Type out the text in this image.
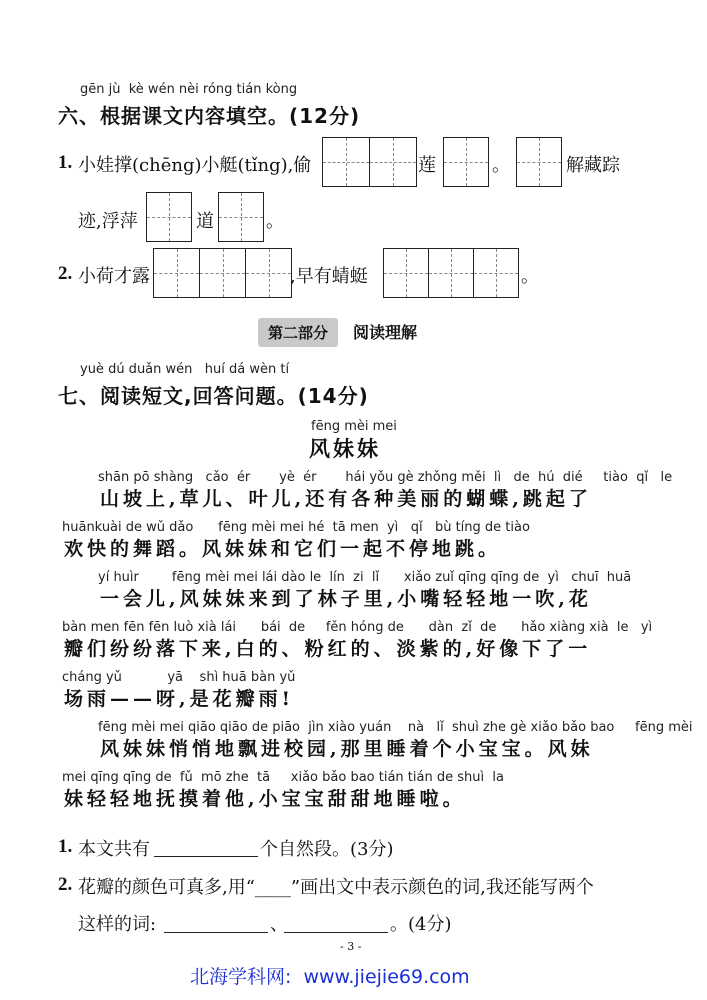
gēn jù  kè wén nèi róng tián kòng
六、根据课文内容填空。(12分)
1. 小娃撑(chēng)小艇(tǐng),偷	莲	。	解藏踪
迹,浮萍	道	。
2. 小荷才露	,早有蜻蜓	。
第二部分	阅读理解
yuè dú duǎn wén   huí dá wèn tí
七、阅读短文,回答问题。(14分)
fēng mèi mei
风妹妹
shān pō shàng   cǎo  ér       yè  ér       hái yǒu gè zhǒng měi  lì   de  hú  dié     tiào  qǐ   le
山坡上,草儿、叶儿,还有各种美丽的蝴蝶,跳起了
huānkuài de wǔ dǎo      fēng mèi mei hé  tā men  yì   qǐ   bù tíng de tiào
欢快的舞蹈。风妹妹和它们一起不停地跳。
yí huìr        fēng mèi mei lái dào le  lín  zi  lǐ      xiǎo zuǐ qīng qīng de  yì   chuī  huā
一会儿,风妹妹来到了林子里,小嘴轻轻地一吹,花
bàn men fēn fēn luò xià lái      bái  de     fěn hóng de      dàn  zǐ  de      hǎo xiàng xià  le   yì
瓣们纷纷落下来,白的、粉红的、淡紫的,好像下了一
cháng yǔ           yā    shì huā bàn yǔ
场雨——呀,是花瓣雨!
fēng mèi mei qiāo qiāo de piāo  jìn xiào yuán    nà   lǐ  shuì zhe gè xiǎo bǎo bao     fēng mèi
风妹妹悄悄地飘进校园,那里睡着个小宝宝。风妹
mei qīng qīng de  fǔ  mō zhe  tā     xiǎo bǎo bao tián tián de shuì  la
妹轻轻地抚摸着他,小宝宝甜甜地睡啦。
1. 本文共有	个自然段。(3分)
2. 花瓣的颜色可真多,用“____”画出文中表示颜色的词,我还能写两个
这样的词:	、	。(4分)
- 3 -
北海学科网:  www.jiejie69.com
